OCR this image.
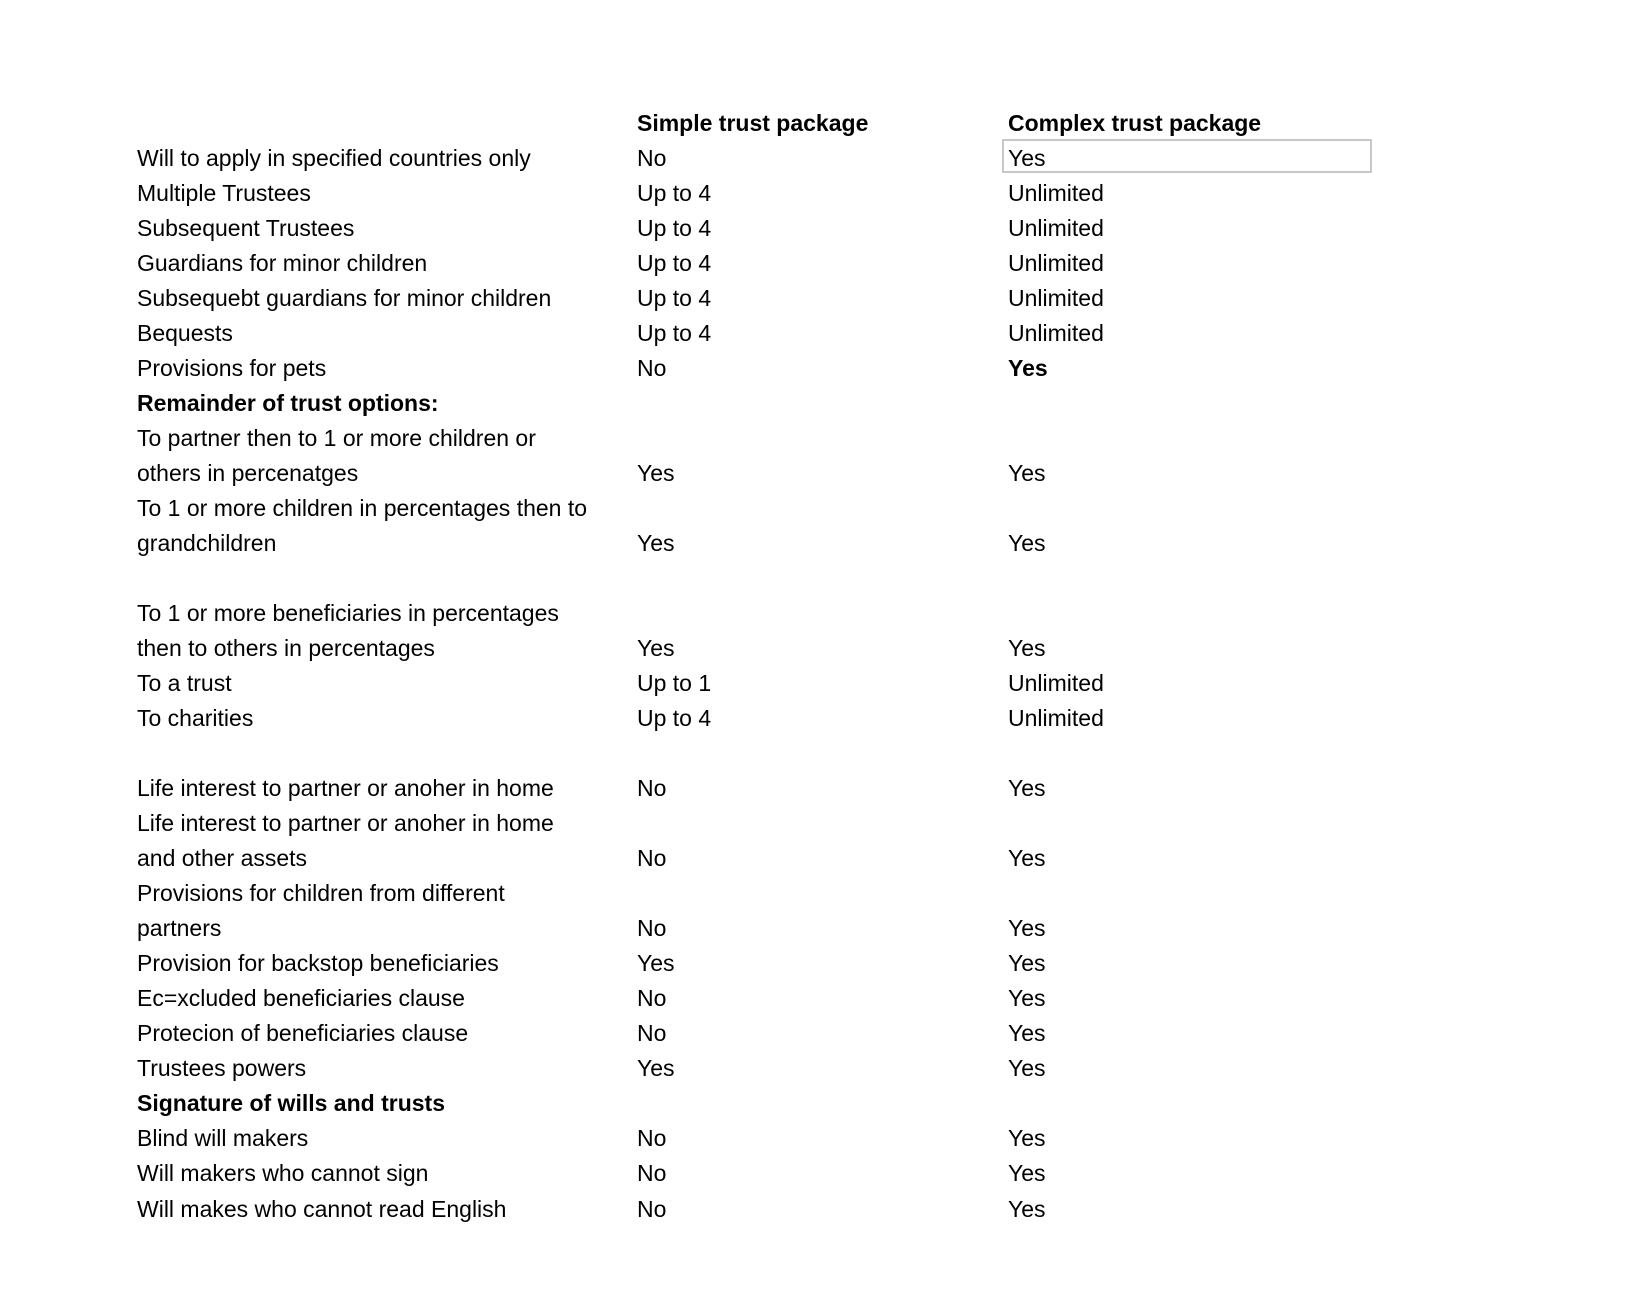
Simple trust package	Complex trust package
Will to apply in specified countries only	No	Yes
Multiple Trustees	Up to 4	Unlimited
Subsequent Trustees	Up to 4	Unlimited
Guardians for minor children	Up to 4	Unlimited
Subsequebt guardians for minor children	Up to 4	Unlimited
Bequests	Up to 4	Unlimited
Provisions for pets	No	Yes
Remainder of trust options:
To partner then to 1 or more children or
others in percenatges	Yes	Yes
To 1 or more children in percentages then to
grandchildren	Yes	Yes
To 1 or more beneficiaries in percentages
then to others in percentages	Yes	Yes
To a trust	Up to 1	Unlimited
To charities	Up to 4	Unlimited
Life interest to partner or anoher in home	No	Yes
Life interest to partner or anoher in home
and other assets	No	Yes
Provisions for children from different
partners	No	Yes
Provision for backstop beneficiaries	Yes	Yes
Ec=xcluded beneficiaries clause	No	Yes
Protecion of beneficiaries clause	No	Yes
Trustees powers	Yes	Yes
Signature of wills and trusts
Blind will makers	No	Yes
Will makers who cannot sign	No	Yes
Will makes who cannot read English	No	Yes
